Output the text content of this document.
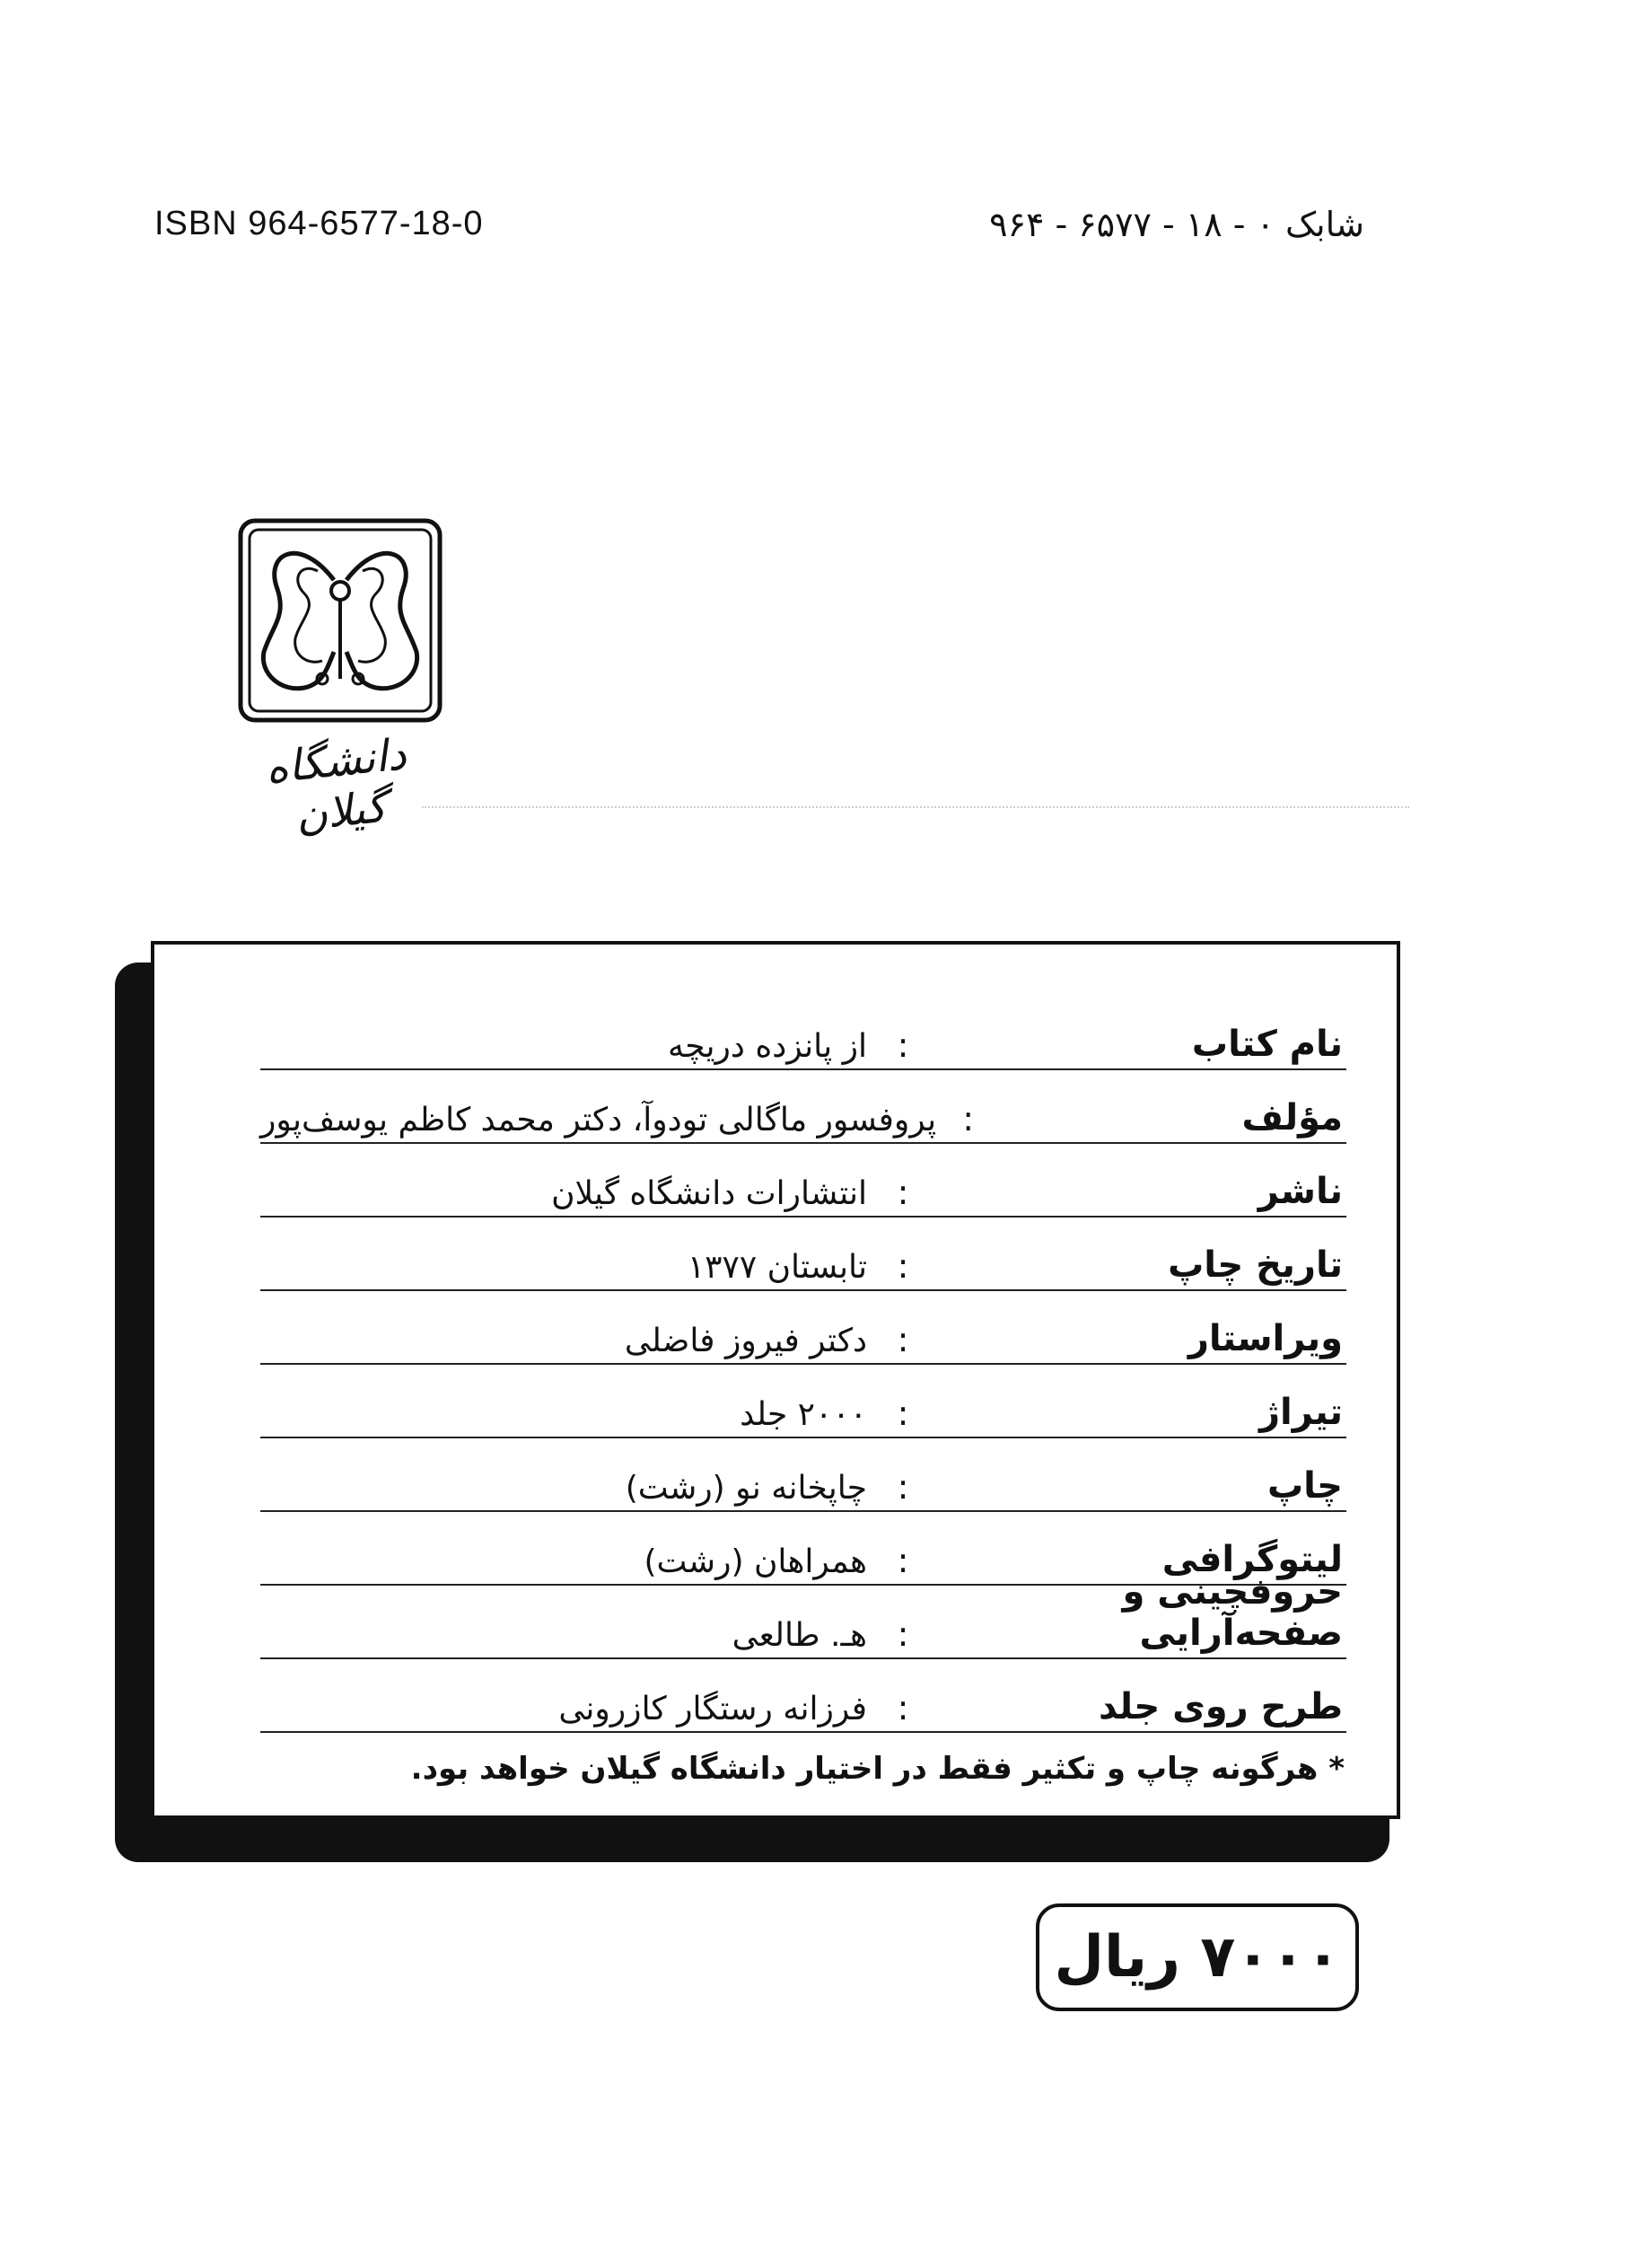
ISBN 964-6577-18-0	شابک ۰ - ۱۸ - ۶۵۷۷ - ۹۶۴
دانشگاه گیلان
نام کتاب
:
از پانزده دریچه
مؤلف
:
پروفسور ماگالی تودوآ، دکتر محمد کاظم یوسف‌پور
ناشر
:
انتشارات دانشگاه گیلان
تاریخ چاپ
:
تابستان ۱۳۷۷
ویراستار
:
دکتر فیروز فاضلی
تیراژ
:
۲۰۰۰ جلد
چاپ
:
چاپخانه نو (رشت)
لیتوگرافی
:
همراهان (رشت)
حروفچینی و صفحه‌آرایی
:
هـ. طالعی
طرح روی جلد
:
فرزانه رستگار کازرونی
* هرگونه چاپ و تکثیر فقط در اختیار دانشگاه گیلان خواهد بود.
۷۰۰۰ ریال
